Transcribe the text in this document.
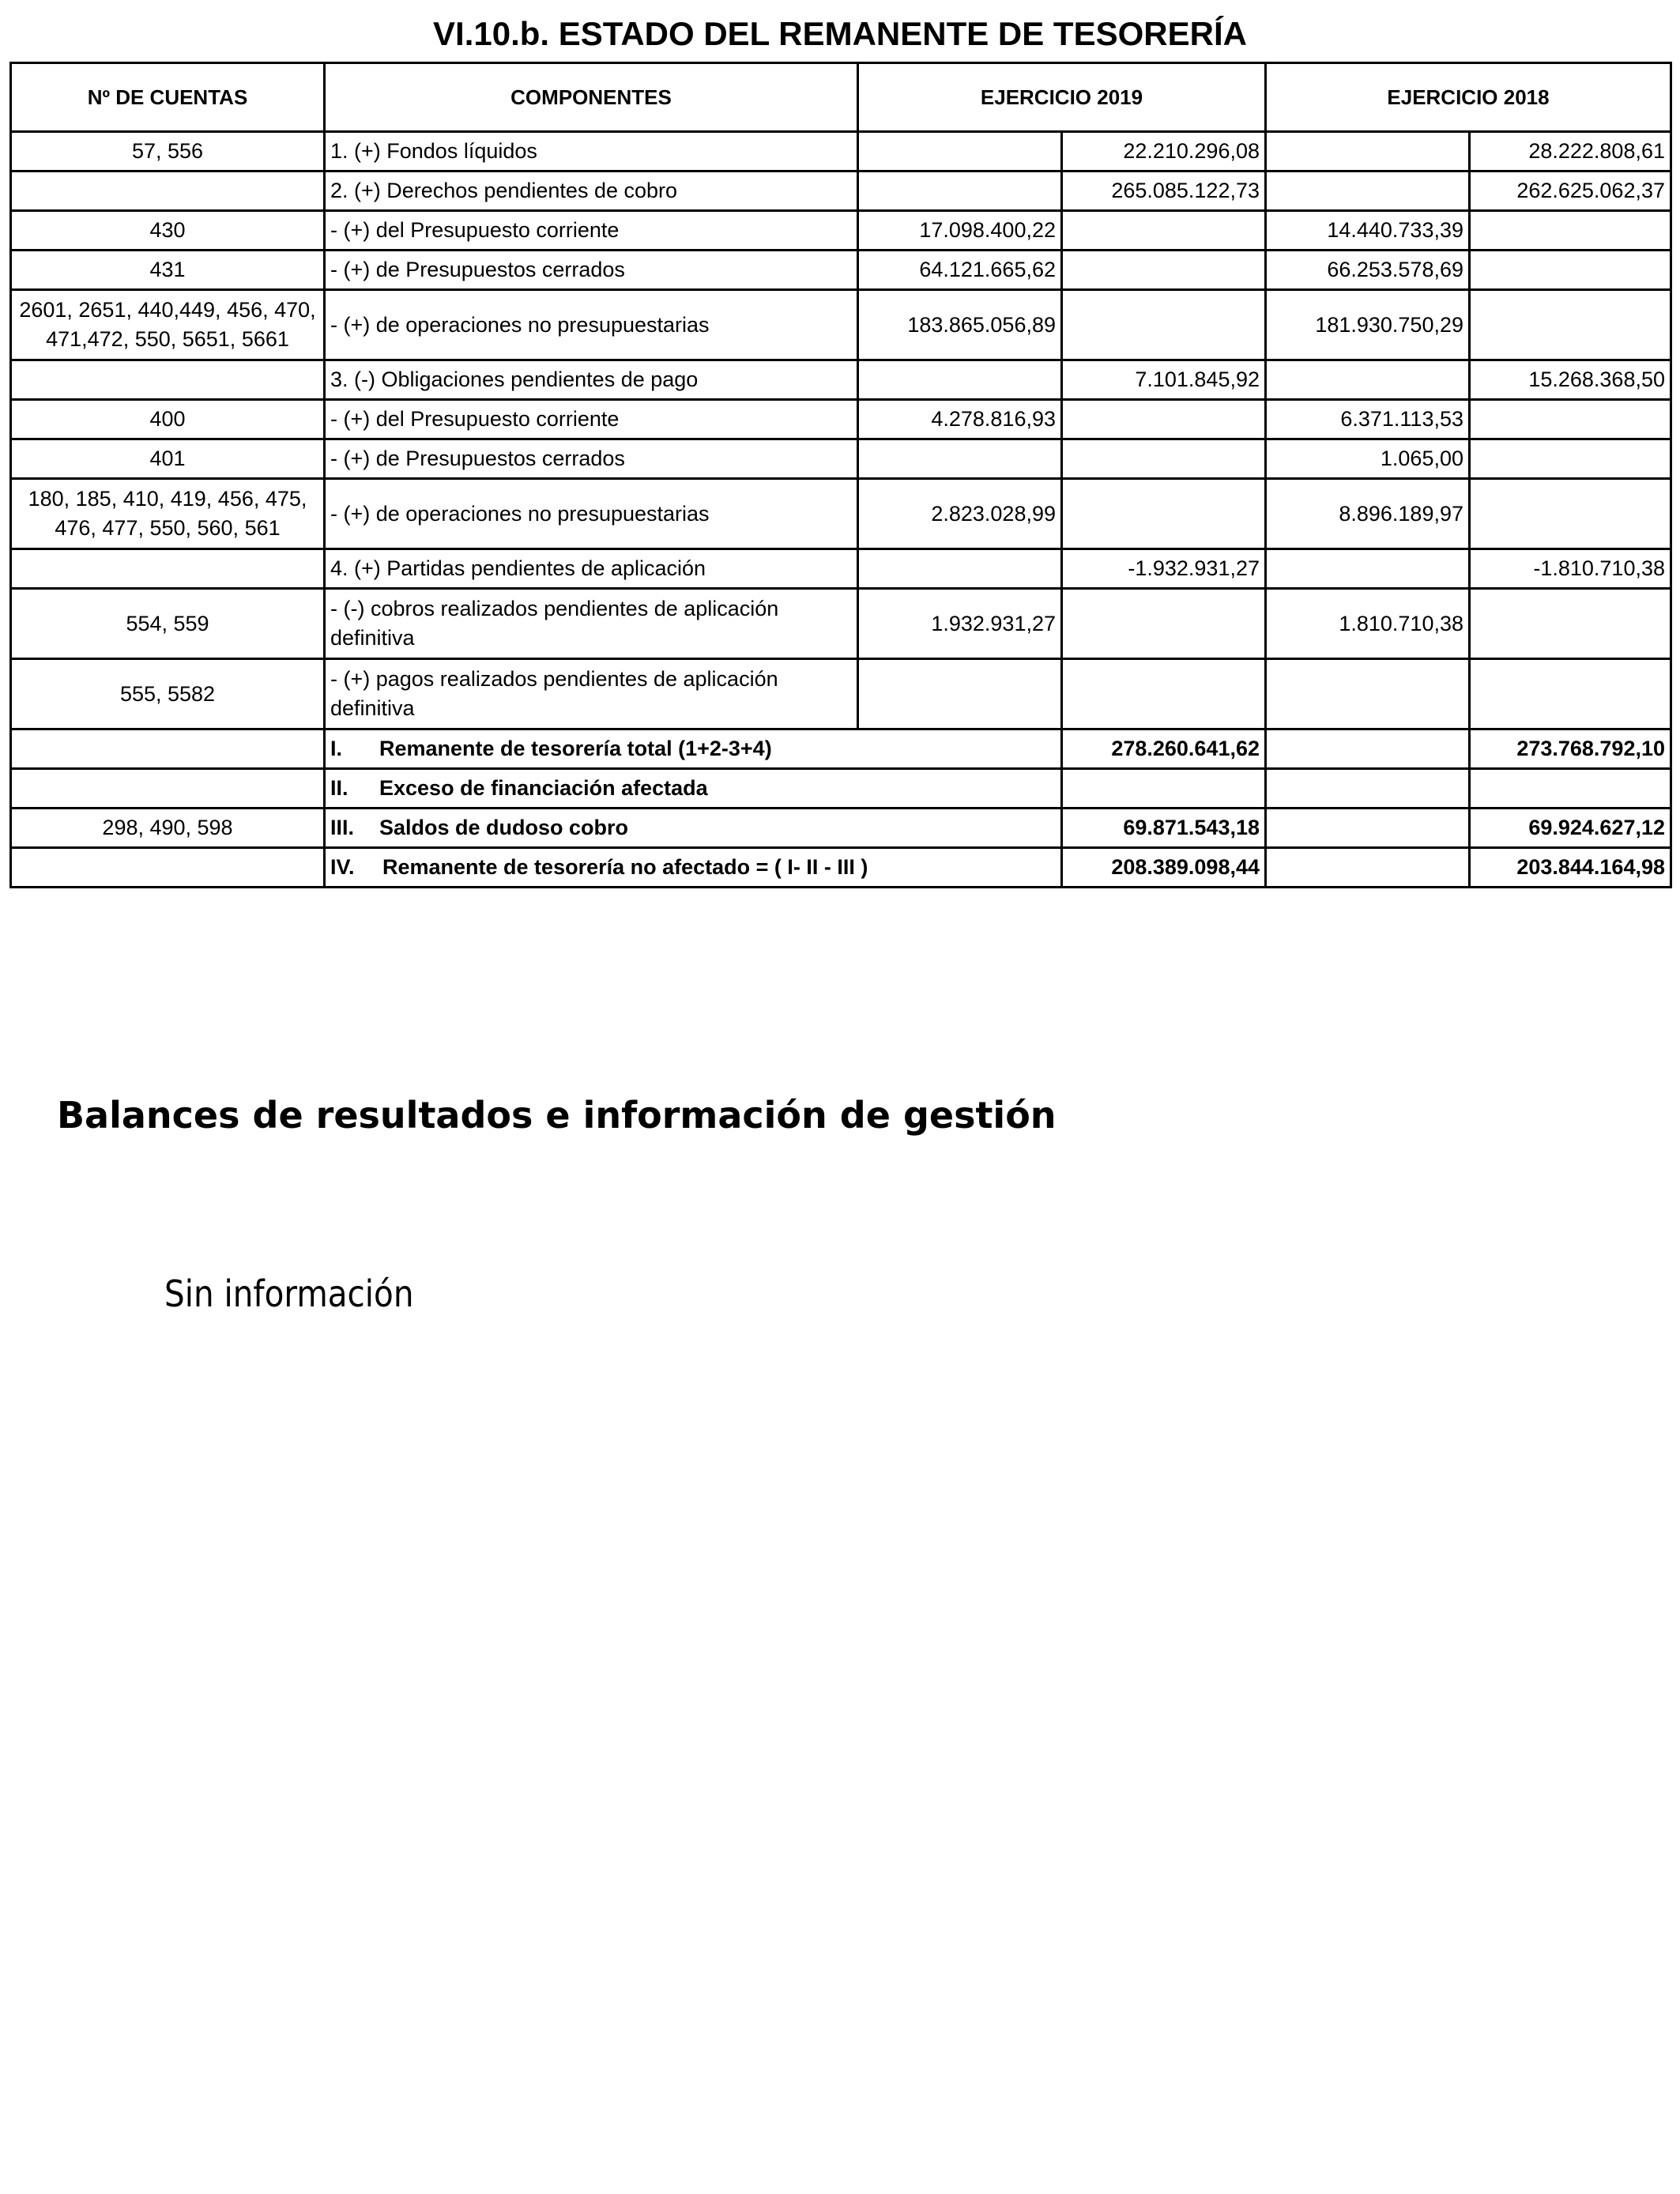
VI.10.b. ESTADO DEL REMANENTE DE TESORERÍA
Nº DE CUENTAS	COMPONENTES	EJERCICIO 2019		EJERCICIO 2018	
57, 556	1. (+) Fondos líquidos		22.210.296,08		28.222.808,61
	2. (+) Derechos pendientes de cobro		265.085.122,73		262.625.062,37
430	- (+) del Presupuesto corriente	17.098.400,22		14.440.733,39	
431	- (+) de Presupuestos cerrados	64.121.665,62		66.253.578,69	
2601, 2651, 440,449, 456, 470, 471,472, 550, 5651, 5661	- (+) de operaciones no presupuestarias	183.865.056,89		181.930.750,29	
	3. (-) Obligaciones pendientes de pago		7.101.845,92		15.268.368,50
400	- (+) del Presupuesto corriente	4.278.816,93		6.371.113,53	
401	- (+) de Presupuestos cerrados			1.065,00	
180, 185, 410, 419, 456, 475, 476, 477, 550, 560, 561	- (+) de operaciones no presupuestarias	2.823.028,99		8.896.189,97	
	4. (+) Partidas pendientes de aplicación		-1.932.931,27		-1.810.710,38
554, 559	- (-) cobros realizados pendientes de aplicación definitiva	1.932.931,27		1.810.710,38	
555, 5582	- (+) pagos realizados pendientes de aplicación definitiva				
	I. Remanente de tesorería total (1+2-3+4)		278.260.641,62		273.768.792,10
	II. Exceso de financiación afectada				
298, 490, 598	III. Saldos de dudoso cobro		69.871.543,18		69.924.627,12
	IV. Remanente de tesorería no afectado = ( I- II - III )		208.389.098,44		203.844.164,98
Balances de resultados e información de gestión
Sin información
